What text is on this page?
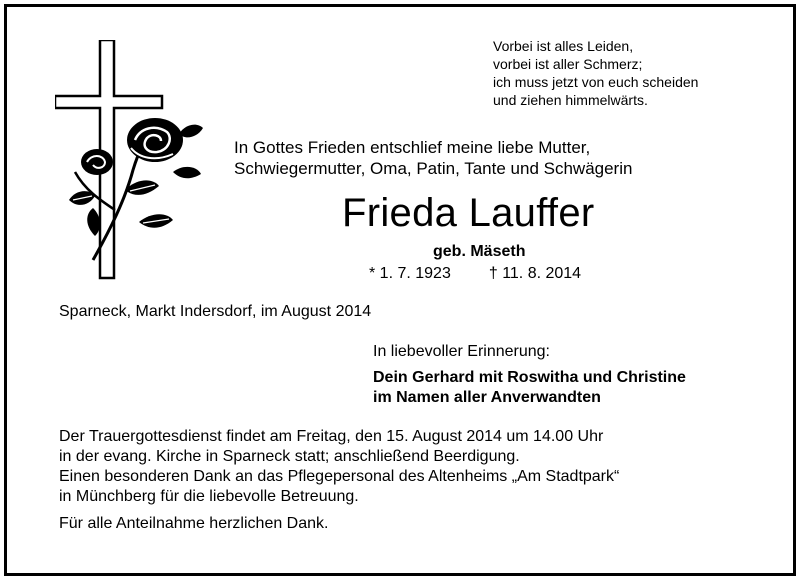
Vorbei ist alles Leiden,
vorbei ist aller Schmerz;
ich muss jetzt von euch scheiden
und ziehen himmelwärts.
In Gottes Frieden entschlief meine liebe Mutter,
Schwiegermutter, Oma, Patin, Tante und Schwägerin
Frieda Lauffer
geb. Mäseth
* 1. 7. 1923 † 11. 8. 2014
Sparneck, Markt Indersdorf, im August 2014
In liebevoller Erinnerung:
Dein Gerhard mit Roswitha und Christine
im Namen aller Anverwandten
Der Trauergottesdienst findet am Freitag, den 15. August 2014 um 14.00 Uhr
in der evang. Kirche in Sparneck statt; anschließend Beerdigung.
Einen besonderen Dank an das Pflegepersonal des Altenheims „Am Stadtpark“
in Münchberg für die liebevolle Betreuung.
Für alle Anteilnahme herzlichen Dank.
